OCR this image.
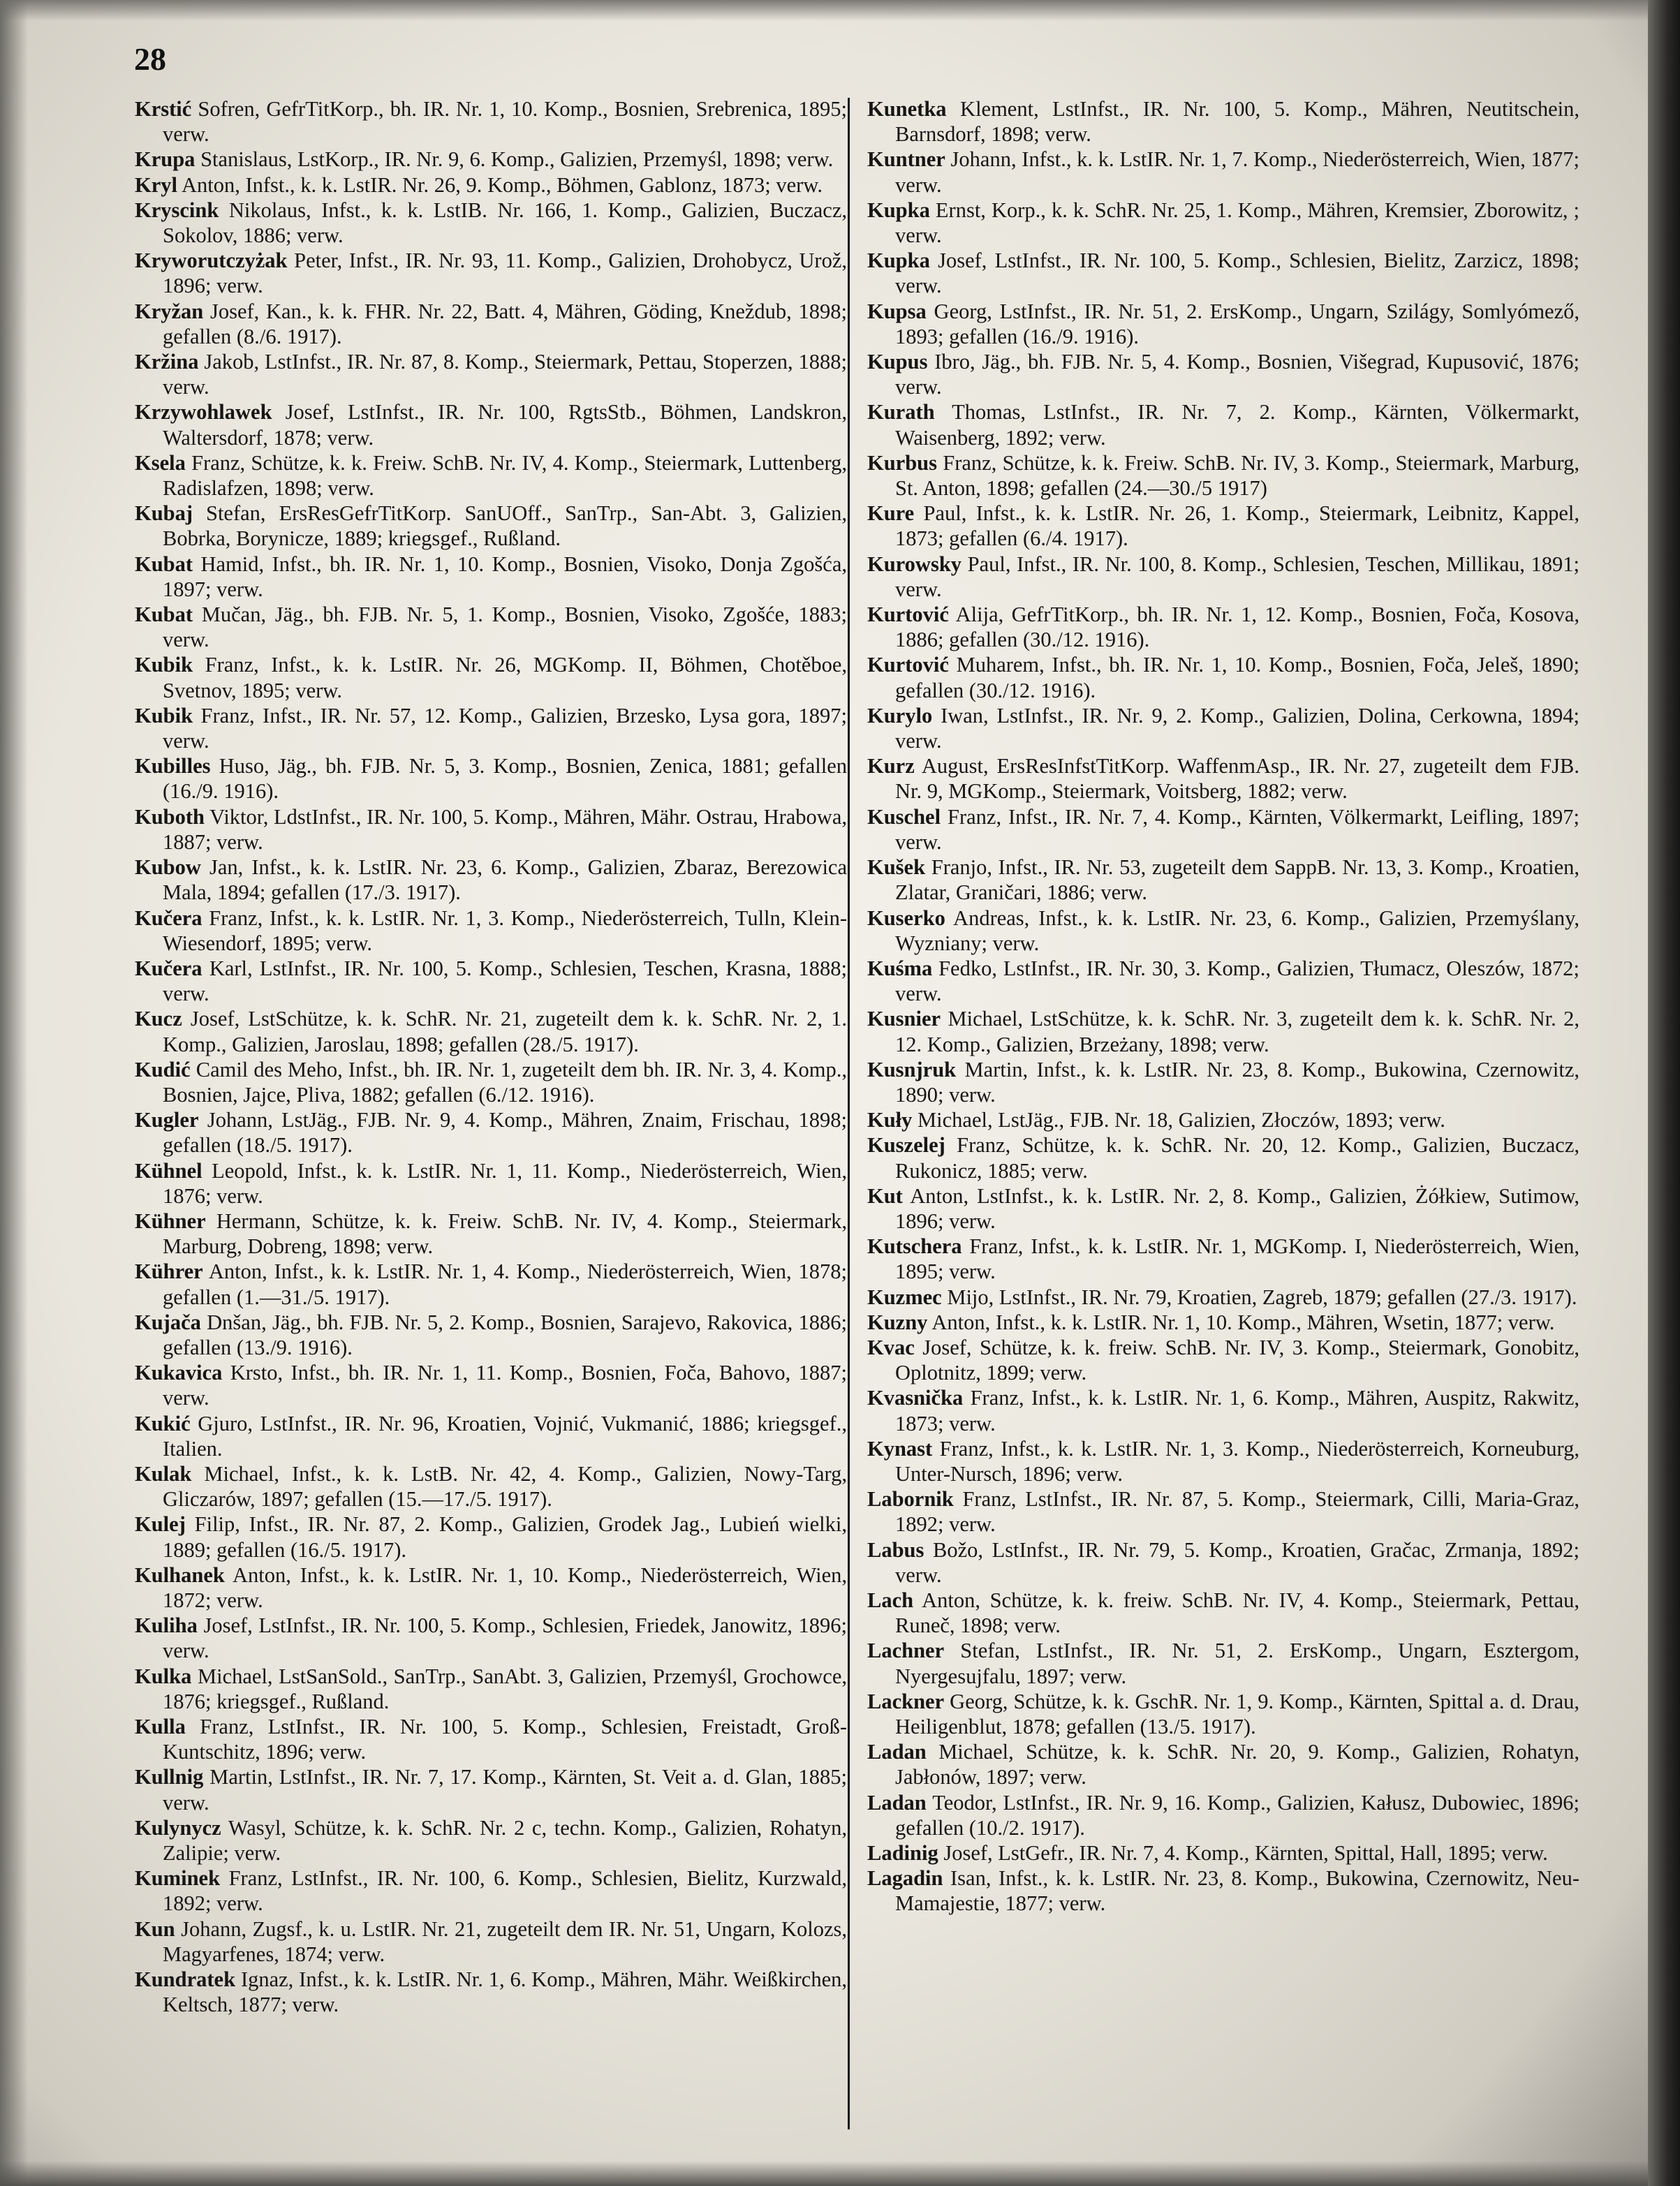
28

Krstić Sofren, GefrTitKorp., bh. IR. Nr. 1, 10. Komp., Bosnien, Srebrenica, 1895; verw.

Krupa Stanislaus, LstKorp., IR. Nr. 9, 6. Komp., Galizien, Przemyśl, 1898; verw.

Kryl Anton, Infst., k. k. LstIR. Nr. 26, 9. Komp., Böhmen, Gablonz, 1873; verw.

Kryscink Nikolaus, Infst., k. k. LstIB. Nr. 166, 1. Komp., Galizien, Buczacz, Sokolov, 1886; verw.

Kryworutczyżak Peter, Infst., IR. Nr. 93, 11. Komp., Galizien, Drohobycz, Urož, 1896; verw.

Kryžan Josef, Kan., k. k. FHR. Nr. 22, Batt. 4, Mähren, Göding, Kneždub, 1898; gefallen (8./6. 1917).

Kržina Jakob, LstInfst., IR. Nr. 87, 8. Komp., Steiermark, Pettau, Stoperzen, 1888; verw.

Krzywohlawek Josef, LstInfst., IR. Nr. 100, RgtsStb., Böhmen, Landskron, Waltersdorf, 1878; verw.

Ksela Franz, Schütze, k. k. Freiw. SchB. Nr. IV, 4. Komp., Steiermark, Luttenberg, Radislafzen, 1898; verw.

Kubaj Stefan, ErsResGefrTitKorp. SanUOff., SanTrp., San-Abt. 3, Galizien, Bobrka, Borynicze, 1889; kriegsgef., Rußland.

Kubat Hamid, Infst., bh. IR. Nr. 1, 10. Komp., Bosnien, Visoko, Donja Zgošća, 1897; verw.

Kubat Mučan, Jäg., bh. FJB. Nr. 5, 1. Komp., Bosnien, Visoko, Zgošće, 1883; verw.

Kubik Franz, Infst., k. k. LstIR. Nr. 26, MGKomp. II, Böhmen, Chotěboe, Svetnov, 1895; verw.

Kubik Franz, Infst., IR. Nr. 57, 12. Komp., Galizien, Brzesko, Lysa gora, 1897; verw.

Kubilles Huso, Jäg., bh. FJB. Nr. 5, 3. Komp., Bosnien, Zenica, 1881; gefallen (16./9. 1916).

Kuboth Viktor, LdstInfst., IR. Nr. 100, 5. Komp., Mähren, Mähr. Ostrau, Hrabowa, 1887; verw.

Kubow Jan, Infst., k. k. LstIR. Nr. 23, 6. Komp., Galizien, Zbaraz, Berezowica Mala, 1894; gefallen (17./3. 1917).

Kučera Franz, Infst., k. k. LstIR. Nr. 1, 3. Komp., Niederösterreich, Tulln, Klein-Wiesendorf, 1895; verw.

Kučera Karl, LstInfst., IR. Nr. 100, 5. Komp., Schlesien, Teschen, Krasna, 1888; verw.

Kucz Josef, LstSchütze, k. k. SchR. Nr. 21, zugeteilt dem k. k. SchR. Nr. 2, 1. Komp., Galizien, Jaroslau, 1898; gefallen (28./5. 1917).

Kudić Camil des Meho, Infst., bh. IR. Nr. 1, zugeteilt dem bh. IR. Nr. 3, 4. Komp., Bosnien, Jajce, Pliva, 1882; gefallen (6./12. 1916).

Kugler Johann, LstJäg., FJB. Nr. 9, 4. Komp., Mähren, Znaim, Frischau, 1898; gefallen (18./5. 1917).

Kühnel Leopold, Infst., k. k. LstIR. Nr. 1, 11. Komp., Niederösterreich, Wien, 1876; verw.

Kühner Hermann, Schütze, k. k. Freiw. SchB. Nr. IV, 4. Komp., Steiermark, Marburg, Dobreng, 1898; verw.

Kührer Anton, Infst., k. k. LstIR. Nr. 1, 4. Komp., Niederösterreich, Wien, 1878; gefallen (1.—31./5. 1917).

Kujača Dnšan, Jäg., bh. FJB. Nr. 5, 2. Komp., Bosnien, Sarajevo, Rakovica, 1886; gefallen (13./9. 1916).

Kukavica Krsto, Infst., bh. IR. Nr. 1, 11. Komp., Bosnien, Foča, Bahovo, 1887; verw.

Kukić Gjuro, LstInfst., IR. Nr. 96, Kroatien, Vojnić, Vukmanić, 1886; kriegsgef., Italien.

Kulak Michael, Infst., k. k. LstB. Nr. 42, 4. Komp., Galizien, Nowy-Targ, Gliczarów, 1897; gefallen (15.—17./5. 1917).

Kulej Filip, Infst., IR. Nr. 87, 2. Komp., Galizien, Grodek Jag., Lubień wielki, 1889; gefallen (16./5. 1917).

Kulhanek Anton, Infst., k. k. LstIR. Nr. 1, 10. Komp., Niederösterreich, Wien, 1872; verw.

Kuliha Josef, LstInfst., IR. Nr. 100, 5. Komp., Schlesien, Friedek, Janowitz, 1896; verw.

Kulka Michael, LstSanSold., SanTrp., SanAbt. 3, Galizien, Przemyśl, Grochowce, 1876; kriegsgef., Rußland.

Kulla Franz, LstInfst., IR. Nr. 100, 5. Komp., Schlesien, Freistadt, Groß-Kuntschitz, 1896; verw.

Kullnig Martin, LstInfst., IR. Nr. 7, 17. Komp., Kärnten, St. Veit a. d. Glan, 1885; verw.

Kulynycz Wasyl, Schütze, k. k. SchR. Nr. 2 c, techn. Komp., Galizien, Rohatyn, Zalipie; verw.

Kuminek Franz, LstInfst., IR. Nr. 100, 6. Komp., Schlesien, Bielitz, Kurzwald, 1892; verw.

Kun Johann, Zugsf., k. u. LstIR. Nr. 21, zugeteilt dem IR. Nr. 51, Ungarn, Kolozs, Magyarfenes, 1874; verw.

Kundratek Ignaz, Infst., k. k. LstIR. Nr. 1, 6. Komp., Mähren, Mähr. Weißkirchen, Keltsch, 1877; verw.

Kunetka Klement, LstInfst., IR. Nr. 100, 5. Komp., Mähren, Neutitschein, Barnsdorf, 1898; verw.

Kuntner Johann, Infst., k. k. LstIR. Nr. 1, 7. Komp., Niederösterreich, Wien, 1877; verw.

Kupka Ernst, Korp., k. k. SchR. Nr. 25, 1. Komp., Mähren, Kremsier, Zborowitz, ; verw.

Kupka Josef, LstInfst., IR. Nr. 100, 5. Komp., Schlesien, Bielitz, Zarzicz, 1898; verw.

Kupsa Georg, LstInfst., IR. Nr. 51, 2. ErsKomp., Ungarn, Szilágy, Somlyómező, 1893; gefallen (16./9. 1916).

Kupus Ibro, Jäg., bh. FJB. Nr. 5, 4. Komp., Bosnien, Višegrad, Kupusović, 1876; verw.

Kurath Thomas, LstInfst., IR. Nr. 7, 2. Komp., Kärnten, Völkermarkt, Waisenberg, 1892; verw.

Kurbus Franz, Schütze, k. k. Freiw. SchB. Nr. IV, 3. Komp., Steiermark, Marburg, St. Anton, 1898; gefallen (24.—30./5 1917)

Kure Paul, Infst., k. k. LstIR. Nr. 26, 1. Komp., Steiermark, Leibnitz, Kappel, 1873; gefallen (6./4. 1917).

Kurowsky Paul, Infst., IR. Nr. 100, 8. Komp., Schlesien, Teschen, Millikau, 1891; verw.

Kurtović Alija, GefrTitKorp., bh. IR. Nr. 1, 12. Komp., Bosnien, Foča, Kosova, 1886; gefallen (30./12. 1916).

Kurtović Muharem, Infst., bh. IR. Nr. 1, 10. Komp., Bosnien, Foča, Jeleš, 1890; gefallen (30./12. 1916).

Kurylo Iwan, LstInfst., IR. Nr. 9, 2. Komp., Galizien, Dolina, Cerkowna, 1894; verw.

Kurz August, ErsResInfstTitKorp. WaffenmAsp., IR. Nr. 27, zugeteilt dem FJB. Nr. 9, MGKomp., Steiermark, Voitsberg, 1882; verw.

Kuschel Franz, Infst., IR. Nr. 7, 4. Komp., Kärnten, Völkermarkt, Leifling, 1897; verw.

Kušek Franjo, Infst., IR. Nr. 53, zugeteilt dem SappB. Nr. 13, 3. Komp., Kroatien, Zlatar, Graničari, 1886; verw.

Kuserko Andreas, Infst., k. k. LstIR. Nr. 23, 6. Komp., Galizien, Przemyślany, Wyzniany; verw.

Kuśma Fedko, LstInfst., IR. Nr. 30, 3. Komp., Galizien, Tłumacz, Oleszów, 1872; verw.

Kusnier Michael, LstSchütze, k. k. SchR. Nr. 3, zugeteilt dem k. k. SchR. Nr. 2, 12. Komp., Galizien, Brzeżany, 1898; verw.

Kusnjruk Martin, Infst., k. k. LstIR. Nr. 23, 8. Komp., Bukowina, Czernowitz, 1890; verw.

Kuły Michael, LstJäg., FJB. Nr. 18, Galizien, Złoczów, 1893; verw.

Kuszelej Franz, Schütze, k. k. SchR. Nr. 20, 12. Komp., Galizien, Buczacz, Rukonicz, 1885; verw.

Kut Anton, LstInfst., k. k. LstIR. Nr. 2, 8. Komp., Galizien, Żółkiew, Sutimow, 1896; verw.

Kutschera Franz, Infst., k. k. LstIR. Nr. 1, MGKomp. I, Niederösterreich, Wien, 1895; verw.

Kuzmec Mijo, LstInfst., IR. Nr. 79, Kroatien, Zagreb, 1879; gefallen (27./3. 1917).

Kuzny Anton, Infst., k. k. LstIR. Nr. 1, 10. Komp., Mähren, Wsetin, 1877; verw.

Kvac Josef, Schütze, k. k. freiw. SchB. Nr. IV, 3. Komp., Steiermark, Gonobitz, Oplotnitz, 1899; verw.

Kvasnička Franz, Infst., k. k. LstIR. Nr. 1, 6. Komp., Mähren, Auspitz, Rakwitz, 1873; verw.

Kynast Franz, Infst., k. k. LstIR. Nr. 1, 3. Komp., Niederösterreich, Korneuburg, Unter-Nursch, 1896; verw.

Labornik Franz, LstInfst., IR. Nr. 87, 5. Komp., Steiermark, Cilli, Maria-Graz, 1892; verw.

Labus Božo, LstInfst., IR. Nr. 79, 5. Komp., Kroatien, Gračac, Zrmanja, 1892; verw.

Lach Anton, Schütze, k. k. freiw. SchB. Nr. IV, 4. Komp., Steiermark, Pettau, Runeč, 1898; verw.

Lachner Stefan, LstInfst., IR. Nr. 51, 2. ErsKomp., Ungarn, Esztergom, Nyergesujfalu, 1897; verw.

Lackner Georg, Schütze, k. k. GschR. Nr. 1, 9. Komp., Kärnten, Spittal a. d. Drau, Heiligenblut, 1878; gefallen (13./5. 1917).

Ladan Michael, Schütze, k. k. SchR. Nr. 20, 9. Komp., Galizien, Rohatyn, Jabłonów, 1897; verw.

Ladan Teodor, LstInfst., IR. Nr. 9, 16. Komp., Galizien, Kałusz, Dubowiec, 1896; gefallen (10./2. 1917).

Ladinig Josef, LstGefr., IR. Nr. 7, 4. Komp., Kärnten, Spittal, Hall, 1895; verw.

Lagadin Isan, Infst., k. k. LstIR. Nr. 23, 8. Komp., Bukowina, Czernowitz, Neu-Mamajestie, 1877; verw.
